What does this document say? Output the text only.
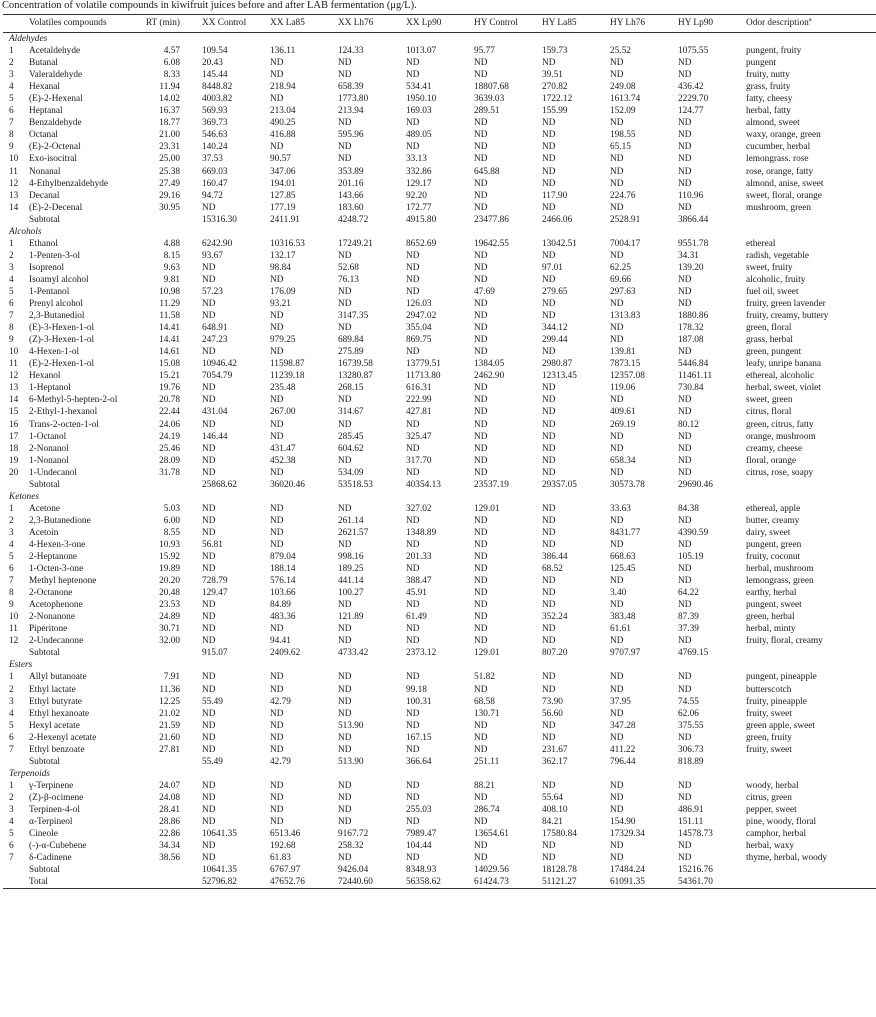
Concentration of volatile compounds in kiwifruit juices before and after LAB fermentation (μg/L).
	Volatiles compounds	RT (min)	XX Control	XX La85	XX Lh76	XX Lp90	HY Control	HY La85	HY Lh76	HY Lp90	Odor description$^a$
Aldehydes											
1	Acetaldehyde	4.57	109.54	136.11	124.33	1013.07	95.77	159.73	25.52	1075.55	pungent, fruity
2	Butanal	6.08	20.43	ND	ND	ND	ND	ND	ND	ND	pungent
3	Valeraldehyde	8.33	145.44	ND	ND	ND	ND	39.51	ND	ND	fruity, nutty
4	Hexanal	11.94	8448.82	218.94	658.39	534.41	18807.68	270.82	249.08	436.42	grass, fruity
5	(E)-2-Hexenal	14.02	4003.82	ND	1773.80	1950.10	3639.03	1722.12	1613.74	2229.70	fatty, cheesy
6	Heptanal	16.37	569.93	213.04	213.94	169.03	289.51	155.99	152.09	124.77	herbal, fatty
7	Benzaldehyde	18.77	369.73	490.25	ND	ND	ND	ND	ND	ND	almond, sweet
8	Octanal	21.00	546.63	416.88	595.96	489.05	ND	ND	198.55	ND	waxy, orange, green
9	(E)-2-Octenal	23.31	140.24	ND	ND	ND	ND	ND	65.15	ND	cucumber, herbal
10	Exo-isocitral	25.00	37.53	90.57	ND	33.13	ND	ND	ND	ND	lemongrass. rose
11	Nonanal	25.38	669.03	347.06	353.89	332.86	645.88	ND	ND	ND	rose, orange, fatty
12	4-Ethylbenzaldehyde	27.49	160.47	194.01	201.16	129.17	ND	ND	ND	ND	almond, anise, sweet
13	Decanal	29.16	94.72	127.85	143.66	92.20	ND	117.90	224.76	110.96	sweet, floral, orange
14	(E)-2-Decenal	30.95	ND	177.19	183.60	172.77	ND	ND	ND	ND	mushroom, green
	Subtotal		15316.30	2411.91	4248.72	4915.80	23477.86	2466.06	2528.91	3866.44	
Alcohols											
1	Ethanol	4.88	6242.90	10316.53	17249.21	8652.69	19642.55	13042.51	7004.17	9551.78	ethereal
2	1-Penten-3-ol	8.15	93.67	132.17	ND	ND	ND	ND	ND	34.31	radish, vegetable
3	Isoprenol	9.63	ND	98.84	52.68	ND	ND	97.01	62.25	139.20	sweet, fruity
4	Isoamyl alcohol	9.81	ND	ND	76.13	ND	ND	ND	69.66	ND	alcoholic, fruity
5	1-Pentanol	10.98	57.23	176.09	ND	ND	47.69	279.65	297.63	ND	fuel oil, sweet
6	Prenyl alcohol	11.29	ND	93.21	ND	126.03	ND	ND	ND	ND	fruity, green lavender
7	2,3-Butanediol	11.58	ND	ND	3147.35	2947.02	ND	ND	1313.83	1880.86	fruity, creamy, buttery
8	(E)-3-Hexen-1-ol	14.41	648.91	ND	ND	355.04	ND	344.12	ND	178.32	green, floral
9	(Z)-3-Hexen-1-ol	14.41	247.23	979.25	689.84	869.75	ND	299.44	ND	187.08	grass, herbal
10	4-Hexen-1-ol	14.61	ND	ND	275.89	ND	ND	ND	139.81	ND	green, pungent
11	(E)-2-Hexen-1-ol	15.08	10946.42	11598.87	16739.58	13779.51	1384.05	2980.87	7873.15	5446.84	leafy, unripe banana
12	Hexanol	15.21	7054.79	11239.18	13280.87	11713.80	2462.90	12313.45	12357.08	11461.11	ethereal, alcoholic
13	1-Heptanol	19.76	ND	235.48	268.15	616.31	ND	ND	119.06	730.84	herbal, sweet, violet
14	6-Methyl-5-hepten-2-ol	20.78	ND	ND	ND	222.99	ND	ND	ND	ND	sweet, green
15	2-Ethyl-1-hexanol	22.44	431.04	267.00	314.67	427.81	ND	ND	409.61	ND	citrus, floral
16	Trans-2-octen-1-ol	24.06	ND	ND	ND	ND	ND	ND	269.19	80.12	green, citrus, fatty
17	1-Octanol	24.19	146.44	ND	285.45	325.47	ND	ND	ND	ND	orange, mushroom
18	2-Nonanol	25.46	ND	431.47	604.62	ND	ND	ND	ND	ND	creamy, cheese
19	1-Nonanol	28.09	ND	452.38	ND	317.70	ND	ND	658.34	ND	floral, orange
20	1-Undecanol	31.78	ND	ND	534.09	ND	ND	ND	ND	ND	citrus, rose, soapy
	Subtotal		25868.62	36020.46	53518.53	40354.13	23537.19	29357.05	30573.78	29690.46	
Ketones											
1	Acetone	5.03	ND	ND	ND	327.02	129.01	ND	33.63	84.38	ethereal, apple
2	2,3-Butanedione	6.00	ND	ND	261.14	ND	ND	ND	ND	ND	butter, creamy
3	Acetoin	8.55	ND	ND	2621.57	1348.89	ND	ND	8431.77	4390.59	dairy, sweet
4	4-Hexen-3-one	10.93	56.81	ND	ND	ND	ND	ND	ND	ND	pungent, green
5	2-Heptanone	15.92	ND	879.04	998.16	201.33	ND	386.44	668.63	105.19	fruity, coconut
6	1-Octen-3-one	19.89	ND	188.14	189.25	ND	ND	68.52	125.45	ND	herbal, mushroom
7	Methyl heptenone	20.20	728.79	576.14	441.14	388.47	ND	ND	ND	ND	lemongrass, green
8	2-Octanone	20.48	129.47	103.66	100.27	45.91	ND	ND	3.40	64.22	earthy, herbal
9	Acetophenone	23.53	ND	84.89	ND	ND	ND	ND	ND	ND	pungent, sweet
10	2-Nonanone	24.89	ND	483.36	121.89	61.49	ND	352.24	383.48	87.39	green, herbal
11	Piperitone	30.71	ND	ND	ND	ND	ND	ND	61.61	37.39	herbal, minty
12	2-Undecanone	32.00	ND	94.41	ND	ND	ND	ND	ND	ND	fruity, floral, creamy
	Subtotal		915.07	2409.62	4733.42	2373.12	129.01	807.20	9707.97	4769.15	
Esters											
1	Allyl butanoate	7.91	ND	ND	ND	ND	51.82	ND	ND	ND	pungent, pineapple
2	Ethyl lactate	11.36	ND	ND	ND	99.18	ND	ND	ND	ND	butterscotch
3	Ethyl butyrate	12.25	55.49	42.79	ND	100.31	68.58	73.90	37.95	74.55	fruity, pineapple
4	Ethyl hexanoate	21.02	ND	ND	ND	ND	130.71	56.60	ND	62.06	fruity, sweet
5	Hexyl acetate	21.59	ND	ND	513.90	ND	ND	ND	347.28	375.55	green apple, sweet
6	2-Hexenyl acetate	21.60	ND	ND	ND	167.15	ND	ND	ND	ND	green, fruity
7	Ethyl benzoate	27.81	ND	ND	ND	ND	ND	231.67	411.22	306.73	fruity, sweet
	Subtotal		55.49	42.79	513.90	366.64	251.11	362.17	796.44	818.89	
Terpenoids											
1	γ-Terpinene	24.07	ND	ND	ND	ND	88.21	ND	ND	ND	woody, herbal
2	(Z)-β-ocimene	24.08	ND	ND	ND	ND	ND	55.64	ND	ND	citrus, green
3	Terpinen-4-ol	28.41	ND	ND	ND	255.03	286.74	408.10	ND	486.91	pepper, sweet
4	α-Terpineol	28.86	ND	ND	ND	ND	ND	84.21	154.90	151.11	pine, woody, floral
5	Cineole	22.86	10641.35	6513.46	9167.72	7989.47	13654.61	17580.84	17329.34	14578.73	camphor, herbal
6	(-)-α-Cubebene	34.34	ND	192.68	258.32	104.44	ND	ND	ND	ND	herbal, waxy
7	δ-Cadinene	38.56	ND	61.83	ND	ND	ND	ND	ND	ND	thyme, herbal, woody
	Subtotal		10641.35	6767.97	9426.04	8348.93	14029.56	18128.78	17484.24	15216.76	
	Total		52796.82	47652.76	72440.60	56358.62	61424.73	51121.27	61091.35	54361.70	
